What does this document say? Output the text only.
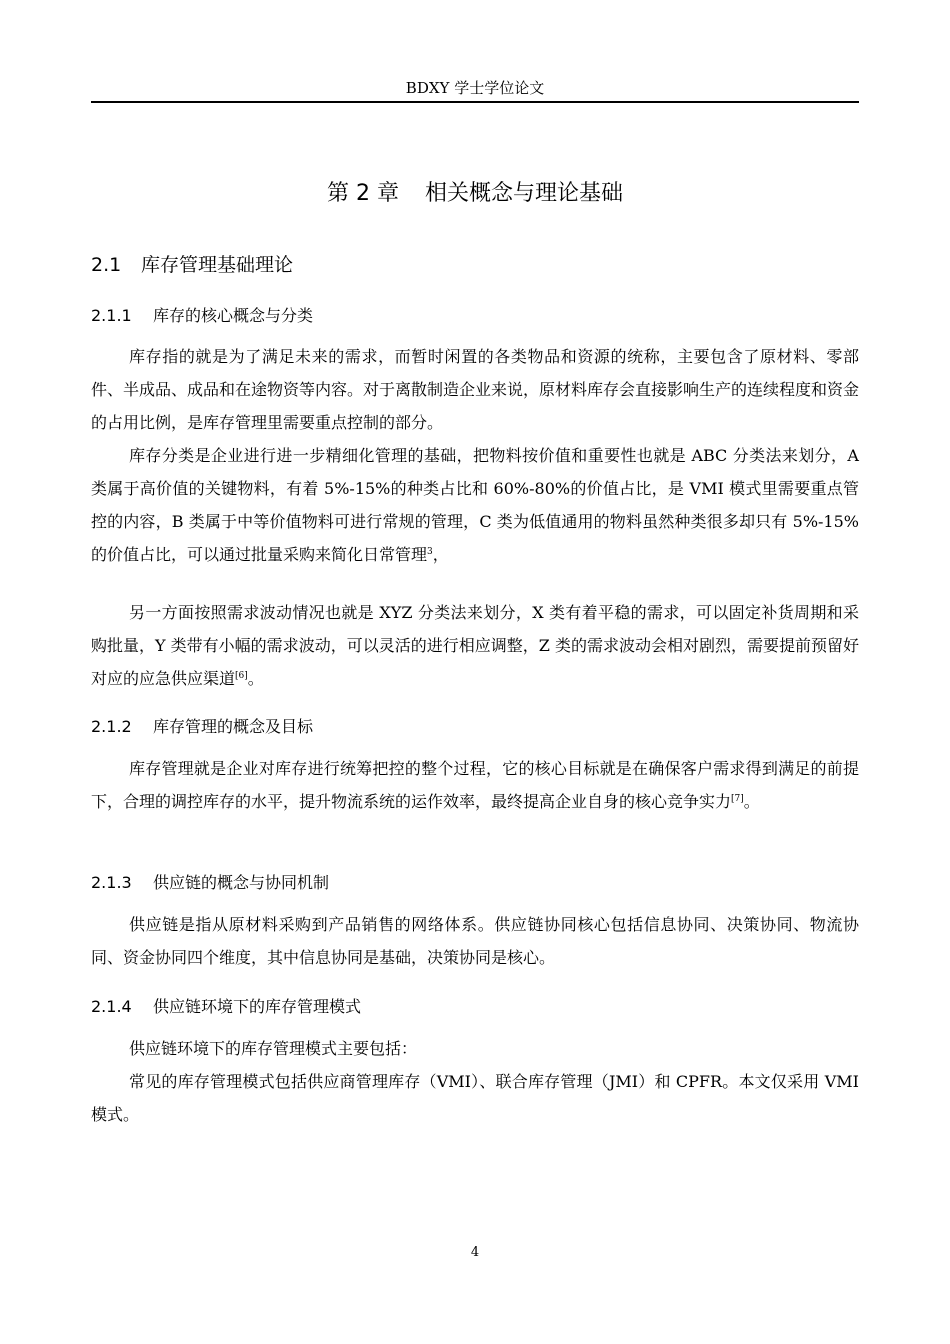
BDXY 学士学位论文
第 2 章 相关概念与理论基础
2.1 库存管理基础理论
2.1.1 库存的核心概念与分类
库存指的就是为了满足未来的需求，而暂时闲置的各类物品和资源的统称，主要包含了原材料、零部件、半成品、成品和在途物资等内容。对于离散制造企业来说，原材料库存会直接影响生产的连续程度和资金的占用比例，是库存管理里需要重点控制的部分。
库存分类是企业进行进一步精细化管理的基础，把物料按价值和重要性也就是 ABC 分类法来划分，A 类属于高价值的关键物料，有着 5%-15%的种类占比和 60%-80%的价值占比，是 VMI 模式里需要重点管控的内容，B 类属于中等价值物料可进行常规的管理，C 类为低值通用的物料虽然种类很多却只有 5%-15%的价值占比，可以通过批量采购来简化日常管理$^3$，
另一方面按照需求波动情况也就是 XYZ 分类法来划分，X 类有着平稳的需求，可以固定补货周期和采购批量，Y 类带有小幅的需求波动，可以灵活的进行相应调整，Z 类的需求波动会相对剧烈，需要提前预留好对应的应急供应渠道[6]。
2.1.2 库存管理的概念及目标
库存管理就是企业对库存进行统筹把控的整个过程，它的核心目标就是在确保客户需求得到满足的前提下，合理的调控库存的水平，提升物流系统的运作效率，最终提高企业自身的核心竞争实力[7]。
2.1.3 供应链的概念与协同机制
供应链是指从原材料采购到产品销售的网络体系。供应链协同核心包括信息协同、决策协同、物流协同、资金协同四个维度，其中信息协同是基础，决策协同是核心。
2.1.4 供应链环境下的库存管理模式
供应链环境下的库存管理模式主要包括：
常见的库存管理模式包括供应商管理库存（VMI）、联合库存管理（JMI）和 CPFR。本文仅采用 VMI 模式。
4
